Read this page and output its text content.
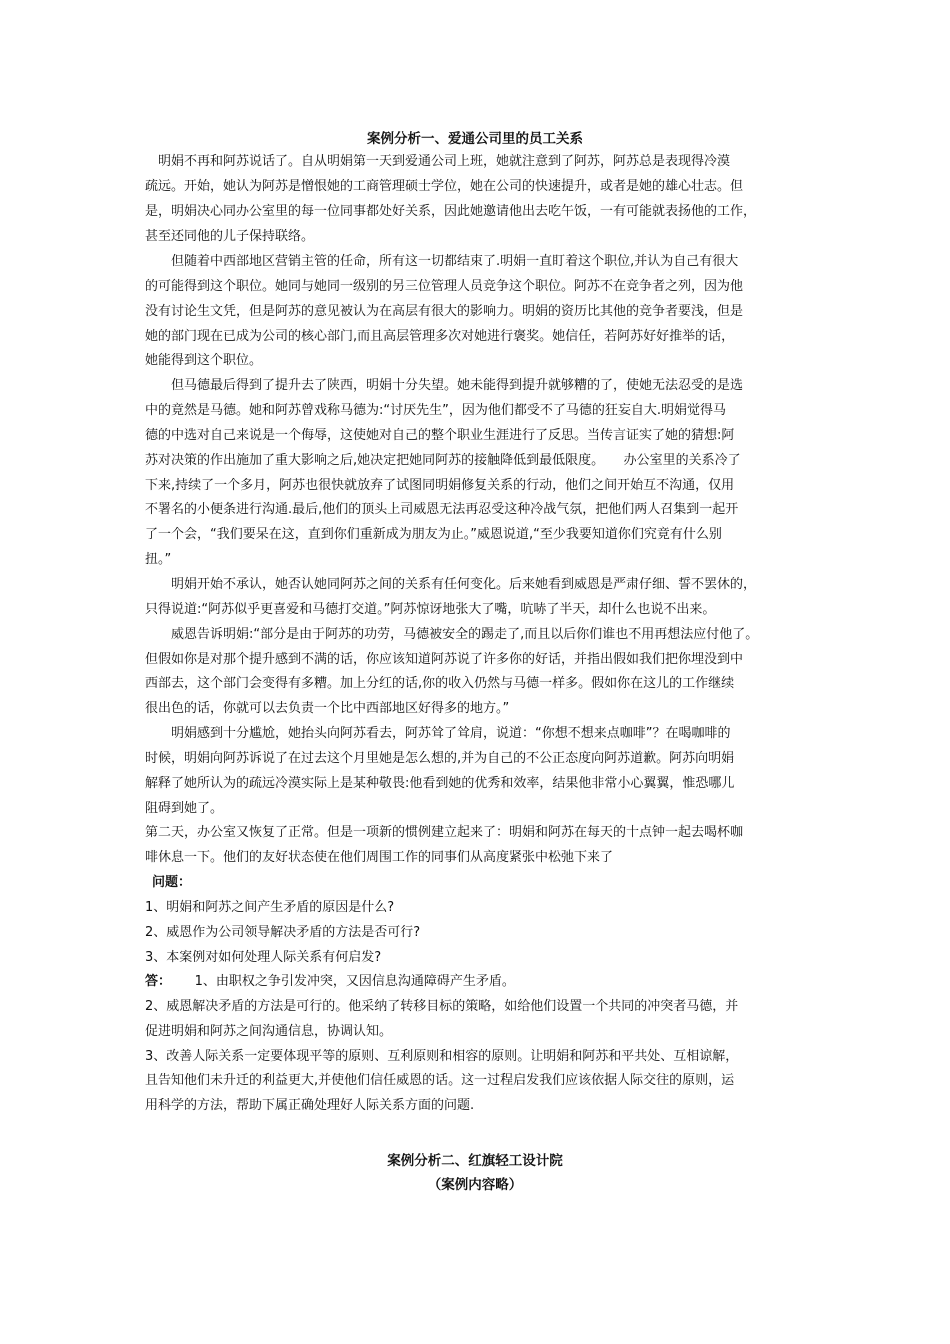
案例分析一、爱通公司里的员工关系
　明娟不再和阿苏说话了。自从明娟第一天到爱通公司上班，她就注意到了阿苏，阿苏总是表现得冷漠
疏远。开始，她认为阿苏是憎恨她的工商管理硕士学位，她在公司的快速提升，或者是她的雄心壮志。但
是，明娟决心同办公室里的每一位同事都处好关系，因此她邀请他出去吃午饭，一有可能就表扬他的工作，
甚至还同他的儿子保持联络。
　　但随着中西部地区营销主管的任命，所有这一切都结束了.明娟一直盯着这个职位,并认为自己有很大
的可能得到这个职位。她同与她同一级别的另三位管理人员竞争这个职位。阿苏不在竞争者之列，因为他
没有讨论生文凭，但是阿苏的意见被认为在高层有很大的影响力。明娟的资历比其他的竞争者要浅，但是
她的部门现在已成为公司的核心部门,而且高层管理多次对她进行褒奖。她信任，若阿苏好好推举的话，
她能得到这个职位。
　　但马德最后得到了提升去了陕西，明娟十分失望。她未能得到提升就够糟的了，使她无法忍受的是选
中的竟然是马德。她和阿苏曾戏称马德为:“讨厌先生”，因为他们都受不了马德的狂妄自大.明娟觉得马
德的中选对自己来说是一个侮辱，这使她对自己的整个职业生涯进行了反思。当传言证实了她的猜想:阿
苏对决策的作出施加了重大影响之后,她决定把她同阿苏的接触降低到最低限度。　　办公室里的关系冷了
下来,持续了一个多月，阿苏也很快就放弃了试图同明娟修复关系的行动，他们之间开始互不沟通，仅用
不署名的小便条进行沟通.最后,他们的顶头上司威恩无法再忍受这种冷战气氛，把他们两人召集到一起开
了一个会，“我们要呆在这，直到你们重新成为朋友为止。”威恩说道,“至少我要知道你们究竟有什么别
扭。”
　　明娟开始不承认，她否认她同阿苏之间的关系有任何变化。后来她看到威恩是严肃仔细、誓不罢休的，
只得说道:“阿苏似乎更喜爱和马德打交道。”阿苏惊讶地张大了嘴，吭哧了半天，却什么也说不出来。
　　威恩告诉明娟:“部分是由于阿苏的功劳，马德被安全的踢走了,而且以后你们谁也不用再想法应付他了。
但假如你是对那个提升感到不满的话，你应该知道阿苏说了许多你的好话，并指出假如我们把你埋没到中
西部去，这个部门会变得有多糟。加上分红的话,你的收入仍然与马德一样多。假如你在这儿的工作继续
很出色的话，你就可以去负责一个比中西部地区好得多的地方。”
　　明娟感到十分尴尬，她抬头向阿苏看去，阿苏耸了耸肩，说道：“你想不想来点咖啡”？在喝咖啡的
时候，明娟向阿苏诉说了在过去这个月里她是怎么想的,并为自己的不公正态度向阿苏道歉。阿苏向明娟
解释了她所认为的疏远冷漠实际上是某种敬畏:他看到她的优秀和效率，结果他非常小心翼翼，惟恐哪儿
阻碍到她了。
第二天，办公室又恢复了正常。但是一项新的惯例建立起来了：明娟和阿苏在每天的十点钟一起去喝杯咖
啡休息一下。他们的友好状态使在他们周围工作的同事们从高度紧张中松弛下来了
问题：
1、明娟和阿苏之间产生矛盾的原因是什么?
2、威恩作为公司领导解决矛盾的方法是否可行?
3、本案例对如何处理人际关系有何启发?
答：　　 1、由职权之争引发冲突，又因信息沟通障碍产生矛盾。
2、威恩解决矛盾的方法是可行的。他采纳了转移目标的策略，如给他们设置一个共同的冲突者马德，并
促进明娟和阿苏之间沟通信息，协调认知。
3、改善人际关系一定要体现平等的原则、互利原则和相容的原则。让明娟和阿苏和平共处、互相谅解，
且告知他们未升迁的利益更大,并使他们信任威恩的话。这一过程启发我们应该依据人际交往的原则，运
用科学的方法，帮助下属正确处理好人际关系方面的问题.
案例分析二、红旗轻工设计院
（案例内容略）
